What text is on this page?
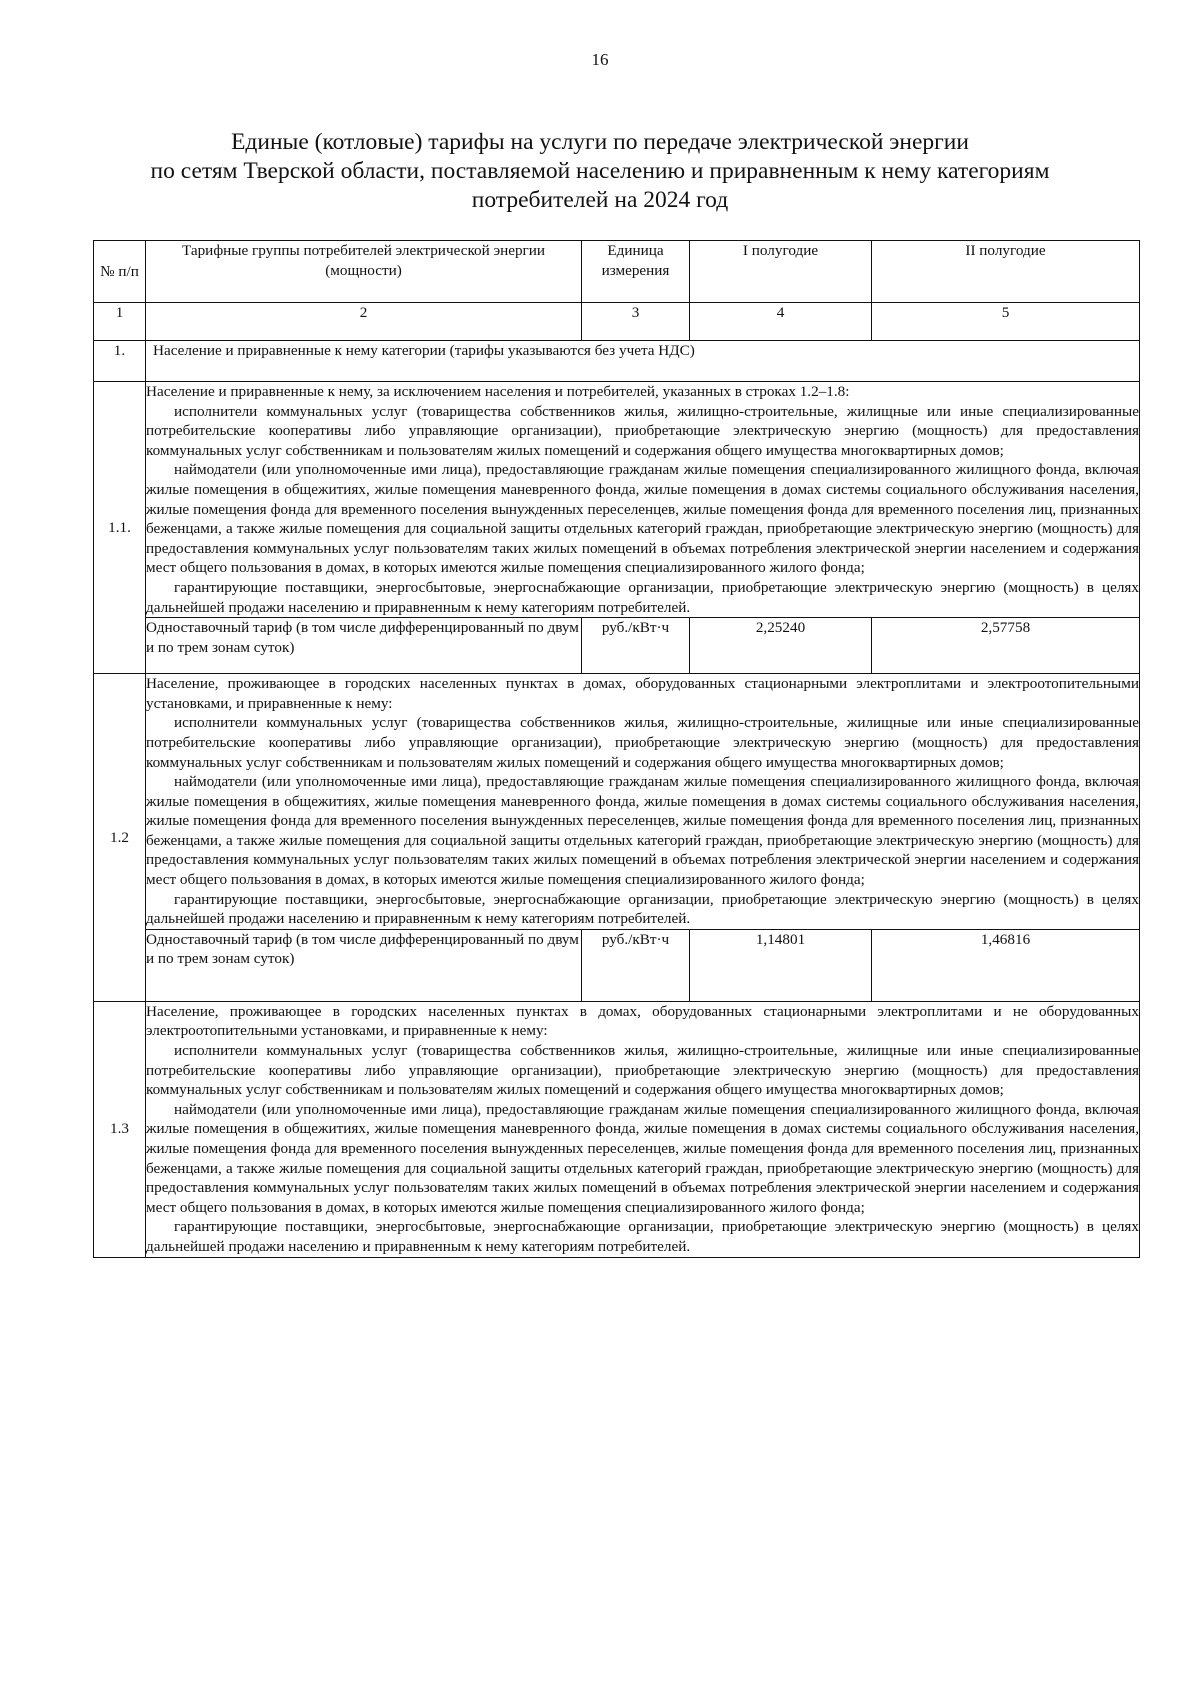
16
Единые (котловые) тарифы на услуги по передаче электрической энергии
по сетям Тверской области, поставляемой населению и приравненным к нему категориям
потребителей на 2024 год
№ п/п	Тарифные группы потребителей электрической энергии (мощности)	Единица измерения	I полугодие	II полугодие
1	2	3	4	5
1.	Население и приравненные к нему категории (тарифы указываются без учета НДС)			
1.1.	Население и приравненные к нему, за исключением населения и потребителей, указанных в строках 1.2–1.8:

исполнители коммунальных услуг (товарищества собственников жилья, жилищно-строительные, жилищные или иные специализированные потребительские кооперативы либо управляющие организации), приобретающие электрическую энергию (мощность) для предоставления коммунальных услуг собственникам и пользователям жилых помещений и содержания общего имущества многоквартирных домов;

наймодатели (или уполномоченные ими лица), предоставляющие гражданам жилые помещения специализированного жилищного фонда, включая жилые помещения в общежитиях, жилые помещения маневренного фонда, жилые помещения в домах системы социального обслуживания населения, жилые помещения фонда для временного поселения вынужденных переселенцев, жилые помещения фонда для временного поселения лиц, признанных беженцами, а также жилые помещения для социальной защиты отдельных категорий граждан, приобретающие электрическую энергию (мощность) для предоставления коммунальных услуг пользователям таких жилых помещений в объемах потребления электрической энергии населением и содержания мест общего пользования в домах, в которых имеются жилые помещения специализированного жилого фонда;

гарантирующие поставщики, энергосбытовые, энергоснабжающие организации, приобретающие электрическую энергию (мощность) в целях дальнейшей продажи населению и приравненным к нему категориям потребителей.			

	Одноставочный тариф (в том числе дифференцированный по двум и по трем зонам суток)	руб./кВт·ч	2,25240	2,57758
1.2	Население, проживающее в городских населенных пунктах в домах, оборудованных стационарными электроплитами и электроотопительными установками, и приравненные к нему:

исполнители коммунальных услуг (товарищества собственников жилья, жилищно-строительные, жилищные или иные специализированные потребительские кооперативы либо управляющие организации), приобретающие электрическую энергию (мощность) для предоставления коммунальных услуг собственникам и пользователям жилых помещений и содержания общего имущества многоквартирных домов;

наймодатели (или уполномоченные ими лица), предоставляющие гражданам жилые помещения специализированного жилищного фонда, включая жилые помещения в общежитиях, жилые помещения маневренного фонда, жилые помещения в домах системы социального обслуживания населения, жилые помещения фонда для временного поселения вынужденных переселенцев, жилые помещения фонда для временного поселения лиц, признанных беженцами, а также жилые помещения для социальной защиты отдельных категорий граждан, приобретающие электрическую энергию (мощность) для предоставления коммунальных услуг пользователям таких жилых помещений в объемах потребления электрической энергии населением и содержания мест общего пользования в домах, в которых имеются жилые помещения специализированного жилого фонда;

гарантирующие поставщики, энергосбытовые, энергоснабжающие организации, приобретающие электрическую энергию (мощность) в целях дальнейшей продажи населению и приравненным к нему категориям потребителей.			

	Одноставочный тариф (в том числе дифференцированный по двум и по трем зонам суток)	руб./кВт·ч	1,14801	1,46816
1.3	Население, проживающее в городских населенных пунктах в домах, оборудованных стационарными электроплитами и не оборудованных электроотопительными установками, и приравненные к нему:

исполнители коммунальных услуг (товарищества собственников жилья, жилищно-строительные, жилищные или иные специализированные потребительские кооперативы либо управляющие организации), приобретающие электрическую энергию (мощность) для предоставления коммунальных услуг собственникам и пользователям жилых помещений и содержания общего имущества многоквартирных домов;

наймодатели (или уполномоченные ими лица), предоставляющие гражданам жилые помещения специализированного жилищного фонда, включая жилые помещения в общежитиях, жилые помещения маневренного фонда, жилые помещения в домах системы социального обслуживания населения, жилые помещения фонда для временного поселения вынужденных переселенцев, жилые помещения фонда для временного поселения лиц, признанных беженцами, а также жилые помещения для социальной защиты отдельных категорий граждан, приобретающие электрическую энергию (мощность) для предоставления коммунальных услуг пользователям таких жилых помещений в объемах потребления электрической энергии населением и содержания мест общего пользования в домах, в которых имеются жилые помещения специализированного жилого фонда;

гарантирующие поставщики, энергосбытовые, энергоснабжающие организации, приобретающие электрическую энергию (мощность) в целях дальнейшей продажи населению и приравненным к нему категориям потребителей.			
